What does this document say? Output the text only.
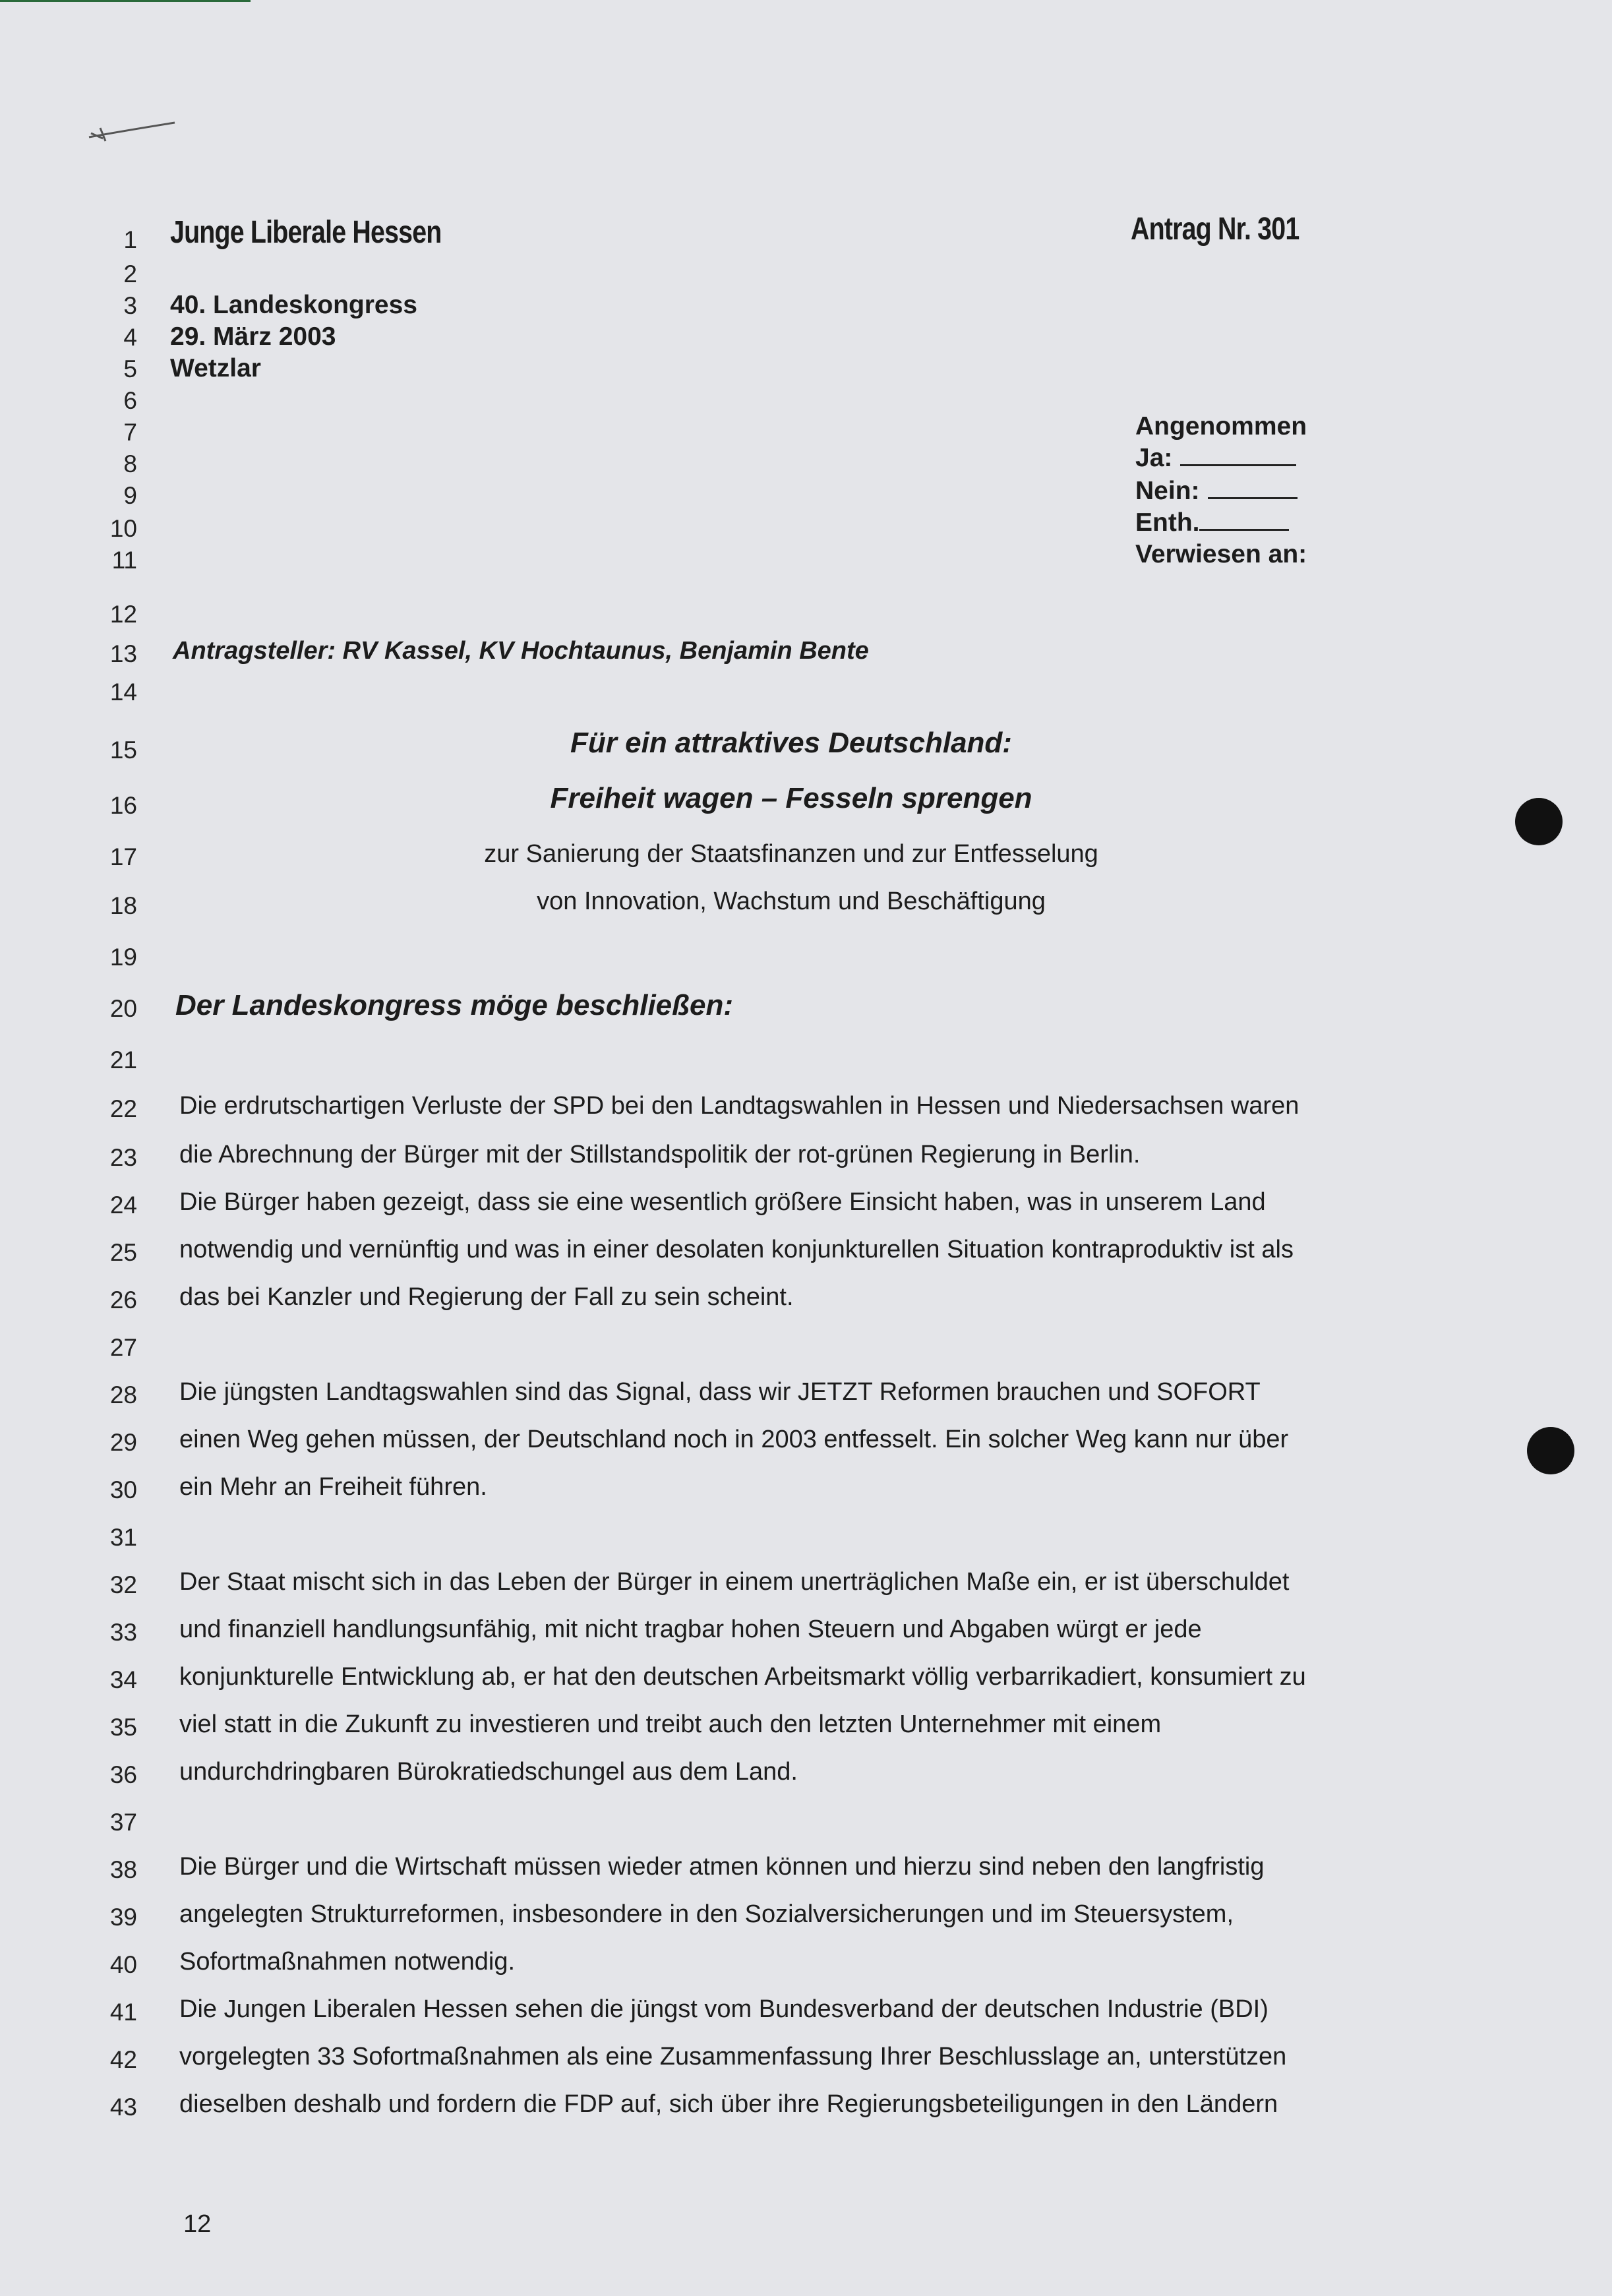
1
2
3
4
5
6
7
8
9
10
11
12
13
14
15
16
17
18
19
20
21
22
23
24
25
26
27
28
29
30
31
32
33
34
35
36
37
38
39
40
41
42
43
Junge Liberale Hessen	Antrag Nr. 301
40. Landeskongress
29. März 2003
Wetzlar
Angenommen
Ja:
Nein:
Enth.
Verwiesen an:
Antragsteller: RV Kassel, KV Hochtaunus, Benjamin Bente
Für ein attraktives Deutschland:
Freiheit wagen – Fesseln sprengen
zur Sanierung der Staatsfinanzen und zur Entfesselung
von Innovation, Wachstum und Beschäftigung
Der Landeskongress möge beschließen:
Die erdrutschartigen Verluste der SPD bei den Landtagswahlen in Hessen und Niedersachsen waren
die Abrechnung der Bürger mit der Stillstandspolitik der rot-grünen Regierung in Berlin.
Die Bürger haben gezeigt, dass sie eine wesentlich größere Einsicht haben, was in unserem Land
notwendig und vernünftig und was in einer desolaten konjunkturellen Situation kontraproduktiv ist als
das bei Kanzler und Regierung der Fall zu sein scheint.
Die jüngsten Landtagswahlen sind das Signal, dass wir JETZT Reformen brauchen und SOFORT
einen Weg gehen müssen, der Deutschland noch in 2003 entfesselt. Ein solcher Weg kann nur über
ein Mehr an Freiheit führen.
Der Staat mischt sich in das Leben der Bürger in einem unerträglichen Maße ein, er ist überschuldet
und finanziell handlungsunfähig, mit nicht tragbar hohen Steuern und Abgaben würgt er jede
konjunkturelle Entwicklung ab, er hat den deutschen Arbeitsmarkt völlig verbarrikadiert, konsumiert zu
viel statt in die Zukunft zu investieren und treibt auch den letzten Unternehmer mit einem
undurchdringbaren Bürokratiedschungel aus dem Land.
Die Bürger und die Wirtschaft müssen wieder atmen können und hierzu sind neben den langfristig
angelegten Strukturreformen, insbesondere in den Sozialversicherungen und im Steuersystem,
Sofortmaßnahmen notwendig.
Die Jungen Liberalen Hessen sehen die jüngst vom Bundesverband der deutschen Industrie (BDI)
vorgelegten 33 Sofortmaßnahmen als eine Zusammenfassung Ihrer Beschlusslage an, unterstützen
dieselben deshalb und fordern die FDP auf, sich über ihre Regierungsbeteiligungen in den Ländern
12
